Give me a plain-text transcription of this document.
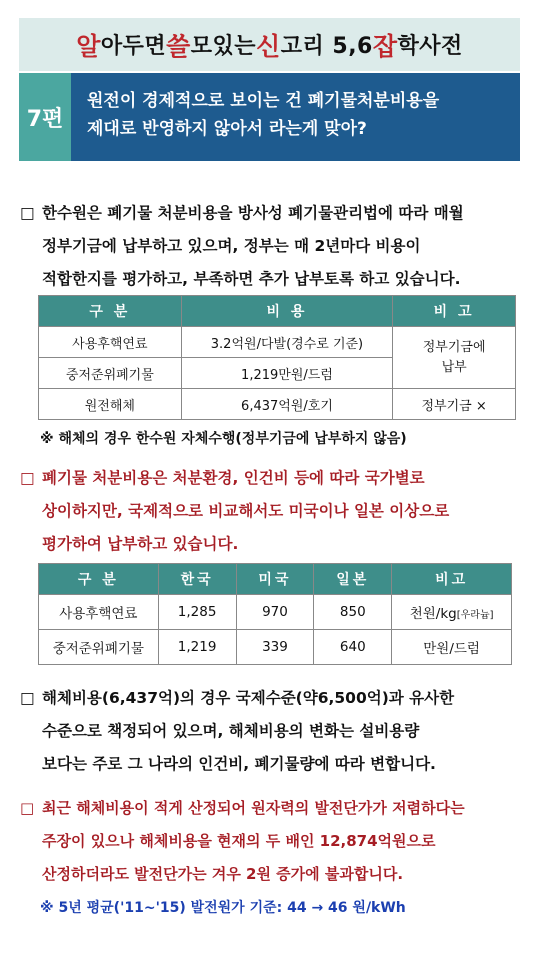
알 아두면 쓸 모있는 신 고리 5,6 잡 학사전
7편
원전이 경제적으로 보이는 건 폐기물처분비용을
제대로 반영하지 않아서 라는게 맞아?
□ 한수원은 폐기물 처분비용을 방사성 폐기물관리법에 따라 매월
정부기금에 납부하고 있으며, 정부는 매 2년마다 비용이
적합한지를 평가하고, 부족하면 추가 납부토록 하고 있습니다.
구 분	비 용	비 고
사용후핵연료	3.2억원/다발(경수로 기준)	정부기금에
납부
중저준위폐기물	1,219만원/드럼	
원전해체	6,437억원/호기	정부기금 ×
※ 해체의 경우 한수원 자체수행(정부기금에 납부하지 않음)
□ 폐기물 처분비용은 처분환경, 인건비 등에 따라 국가별로
상이하지만, 국제적으로 비교해서도 미국이나 일본 이상으로
평가하여 납부하고 있습니다.
구 분	한국	미국	일본	비고
사용후핵연료	1,285	970	850	천원/kg[우라늄]
중저준위폐기물	1,219	339	640	만원/드럼
□ 해체비용(6,437억)의 경우 국제수준(약6,500억)과 유사한
수준으로 책정되어 있으며, 해체비용의 변화는 설비용량
보다는 주로 그 나라의 인건비, 폐기물량에 따라 변합니다.
□ 최근 해체비용이 적게 산정되어 원자력의 발전단가가 저렴하다는
주장이 있으나 해체비용을 현재의 두 배인 12,874억원으로
산정하더라도 발전단가는 겨우 2원 증가에 불과합니다.
※ 5년 평균('11~'15) 발전원가 기준: 44 → 46 원/kWh
